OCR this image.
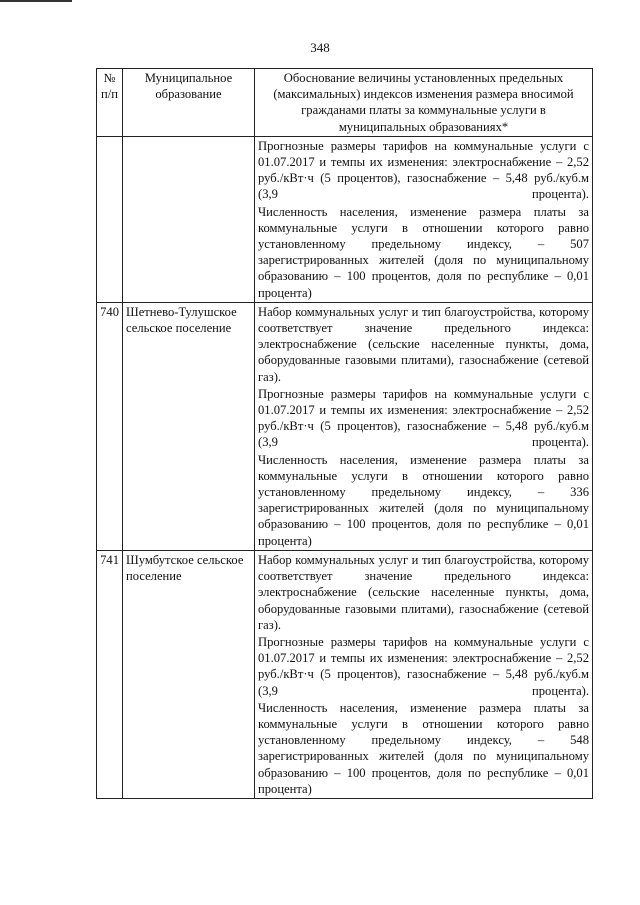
348
№ п/п	Муниципальное образование	Обоснование величины установленных предельных (максимальных) индексов изменения размера вносимой гражданами платы за коммунальные услуги в муниципальных образованиях*

		Прогнозные размеры тарифов на коммунальные услуги с 01.07.2017 и темпы их изменения: электроснабжение – 2,52 руб./кВт·ч (5 процентов), газоснабжение – 5,48 руб./куб.м (3,9 процента).
Численность населения, изменение размера платы за коммунальные услуги в отношении которого равно установленному предельному индексу, – 507 зарегистрированных жителей (доля по муниципальному образованию – 100 процентов, доля по республике – 0,01 процента)

740	Шетнево-Тулушское сельское поселение	Набор коммунальных услуг и тип благоустройства, которому соответствует значение предельного индекса: электроснабжение (сельские населенные пункты, дома, оборудованные газовыми плитами), газоснабжение (сетевой газ).
Прогнозные размеры тарифов на коммунальные услуги с 01.07.2017 и темпы их изменения: электроснабжение – 2,52 руб./кВт·ч (5 процентов), газоснабжение – 5,48 руб./куб.м (3,9 процента).
Численность населения, изменение размера платы за коммунальные услуги в отношении которого равно установленному предельному индексу, – 336 зарегистрированных жителей (доля по муниципальному образованию – 100 процентов, доля по республике – 0,01 процента)

741	Шумбутское сельское поселение	Набор коммунальных услуг и тип благоустройства, которому соответствует значение предельного индекса: электроснабжение (сельские населенные пункты, дома, оборудованные газовыми плитами), газоснабжение (сетевой газ).
Прогнозные размеры тарифов на коммунальные услуги с 01.07.2017 и темпы их изменения: электроснабжение – 2,52 руб./кВт·ч (5 процентов), газоснабжение – 5,48 руб./куб.м (3,9 процента).
Численность населения, изменение размера платы за коммунальные услуги в отношении которого равно установленному предельному индексу, – 548 зарегистрированных жителей (доля по муниципальному образованию – 100 процентов, доля по республике – 0,01 процента)
